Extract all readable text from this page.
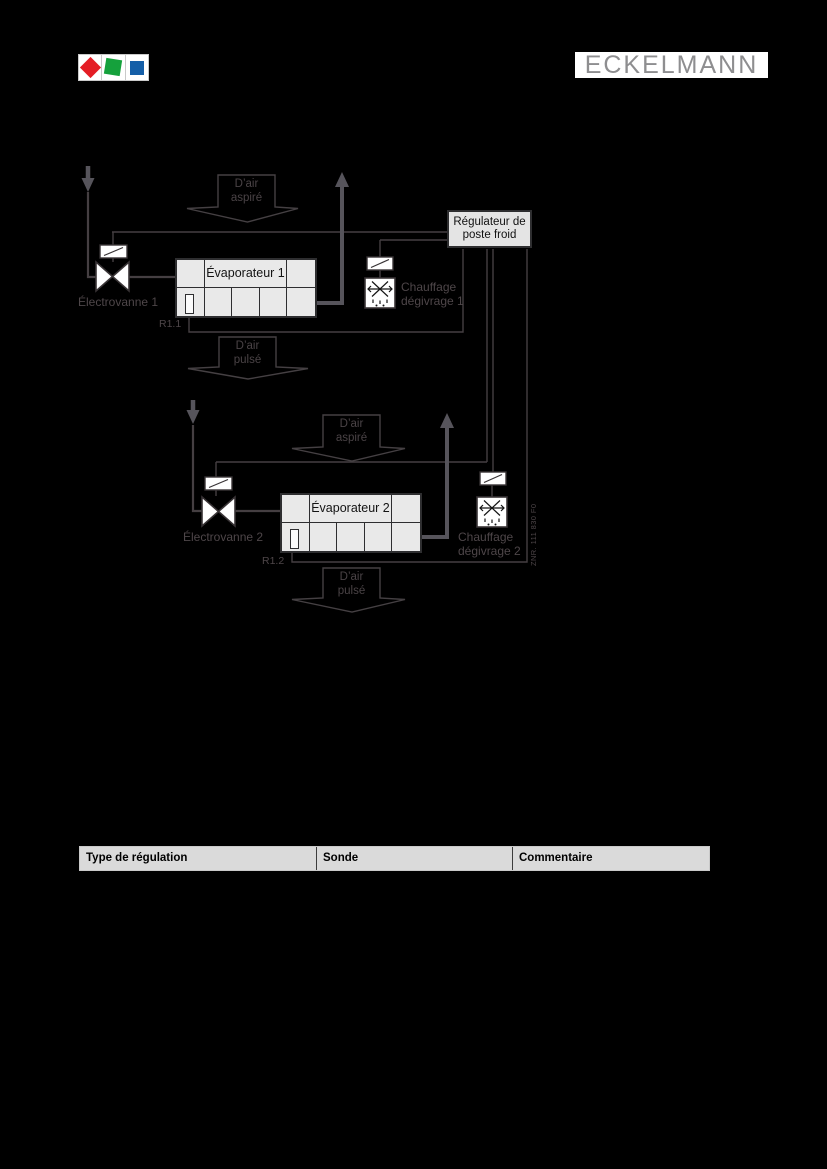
ECKELMANN
Évaporateur 1
Évaporateur 2
Régulateur de
poste froid
D’air
aspiré
D’air
pulsé
D’air
aspiré
D’air
pulsé
Électrovanne 1
R1.1
Chauffage
dégivrage 1
Électrovanne 2
R1.2
Chauffage
dégivrage 2 ZNR. 111 830 F0
Type de régulation	Sonde	Commentaire
